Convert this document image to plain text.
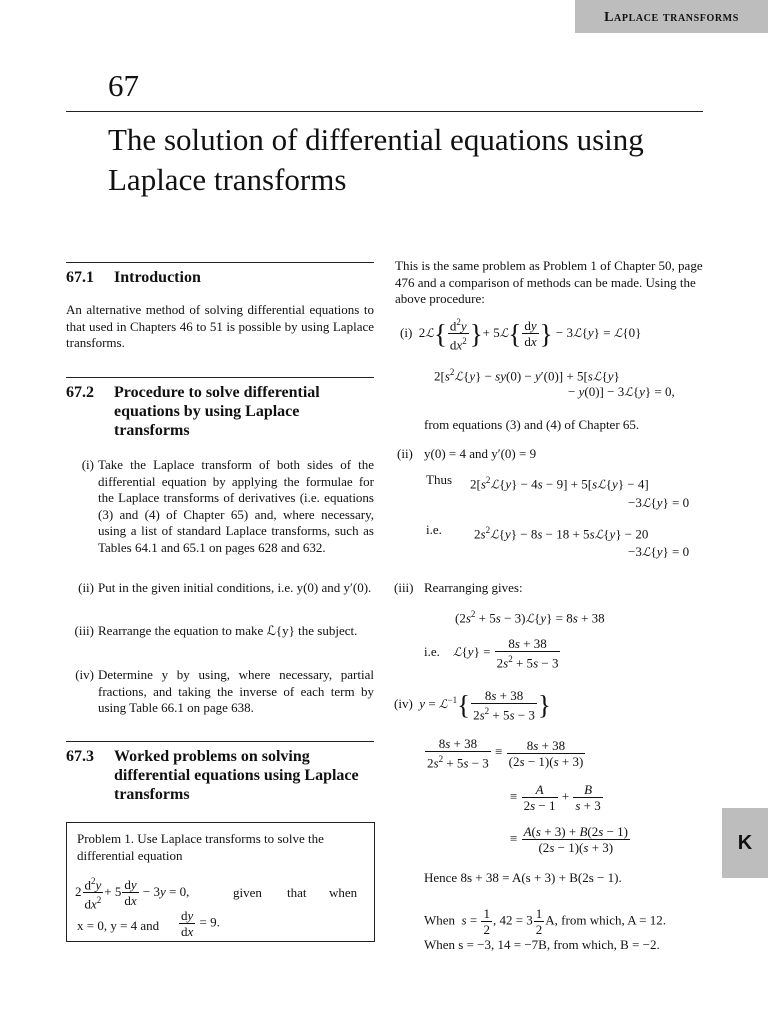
Laplace transforms
K
67
The solution of differential equations using Laplace transforms
67.1 Introduction
An alternative method of solving differential equations to that used in Chapters 46 to 51 is possible by using Laplace transforms.
67.2 Procedure to solve differential equations by using Laplace transforms
(i) Take the Laplace transform of both sides of the differential equation by applying the formulae for the Laplace transforms of derivatives (i.e. equations (3) and (4) of Chapter 65) and, where necessary, using a list of standard Laplace transforms, such as Tables 64.1 and 65.1 on pages 628 and 632.
(ii) Put in the given initial conditions, i.e. y(0) and y′(0).
(iii) Rearrange the equation to make ℒ{y} the subject.
(iv) Determine y by using, where necessary, partial fractions, and taking the inverse of each term by using Table 66.1 on page 638.
67.3 Worked problems on solving differential equations using Laplace transforms
Problem 1. Use Laplace transforms to solve the differential equation
$2 \frac{d^2y}{dx^2} + 5 \frac{dy}{dx} - 3y = 0$,	given that when
x = 0, y = 4 and $\frac{dy}{dx} = 9$.
This is the same problem as Problem 1 of Chapter 50, page 476 and a comparison of methods can be made. Using the above procedure:
(i)  2ℒ{ $\frac{d^2y}{dx^2}$ }+ 5ℒ{ $\frac{dy}{dx}$ } − 3ℒ{y} = ℒ{0}
$2[s^2ℒ\{y\} - sy(0) - y'(0)]$ + 5[sℒ{y}
− y(0)] − 3ℒ{y} = 0,
from equations (3) and (4) of Chapter 65.
(ii) y(0) = 4 and y′(0) = 9
Thus $2[s^2ℒ\{y\} - 4s - 9]$ + 5[sℒ{y} − 4]
−3ℒ{y} = 0
i.e. $2s^2ℒ\{y\} - 8s - 18$ + 5sℒ{y} − 20
−3ℒ{y} = 0
(iii) Rearranging gives:
($2s^2 + 5s$ − 3)ℒ{y} = 8s + 38
i.e.    ℒ{y} = $\frac{8s + 38}{2s^2 + 5s - 3}$
(iv)  y = ℒ$^{-1}${ $\frac{8s + 38}{2s^2 + 5s - 3}$ }
$\frac{8s + 38}{2s^2 + 5s - 3} \equiv \frac{8s + 38}{(2s - 1)(s + 3)}$
≡ $\frac{A}{2s - 1} + \frac{B}{s + 3}$
≡ $\frac{A(s + 3) + B(2s - 1)}{(2s - 1)(s + 3)}$
Hence 8s + 38 = A(s + 3) + B(2s − 1).
When $s = \frac{1}{2}$ , $42 = 3 \frac{1}{2} A$, from which, A = 12.
When s = −3, 14 = −7B, from which, B = −2.
